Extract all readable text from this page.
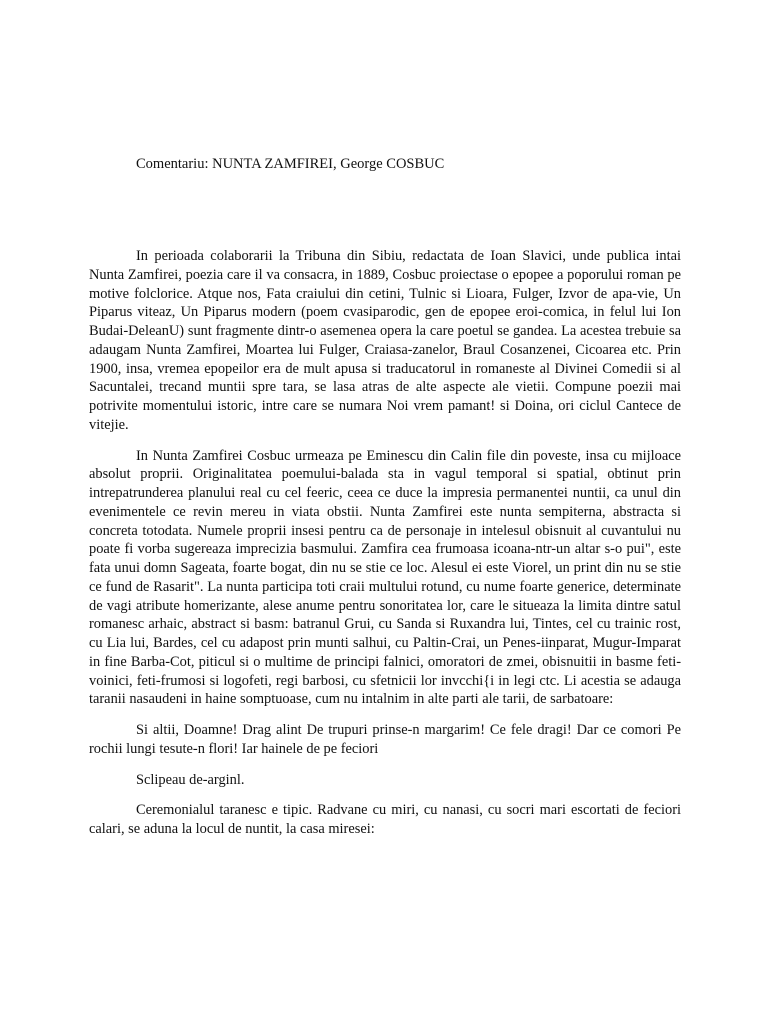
Comentariu: NUNTA ZAMFIREI, George COSBUC

In perioada colaborarii la Tribuna din Sibiu, redactata de Ioan Slavici, unde publica intai Nunta Zamfirei, poezia care il va consacra, in 1889, Cosbuc proiectase o epopee a poporului roman pe motive folclorice. Atque nos, Fata craiului din cetini, Tulnic si Lioara, Fulger, Izvor de apa-vie, Un Piparus viteaz, Un Piparus modern (poem cvasiparodic, gen de epopee eroi-comica, in felul lui Ion Budai-DeleanU) sunt fragmente dintr-o asemenea opera la care poetul se gandea. La acestea trebuie sa adaugam Nunta Zamfirei, Moartea lui Fulger, Craiasa-zanelor, Braul Cosanzenei, Cicoarea etc. Prin 1900, insa, vremea epopeilor era de mult apusa si traducatorul in romaneste al Divinei Comedii si al Sacuntalei, trecand muntii spre tara, se lasa atras de alte aspecte ale vietii. Compune poezii mai potrivite momentului istoric, intre care se numara Noi vrem pamant! si Doina, ori ciclul Cantece de vitejie.

In Nunta Zamfirei Cosbuc urmeaza pe Eminescu din Calin file din poveste, insa cu mijloace absolut proprii. Originalitatea poemului-balada sta in vagul temporal si spatial, obtinut prin intrepatrunderea planului real cu cel feeric, ceea ce duce la impresia permanentei nuntii, ca unul din evenimentele ce revin mereu in viata obstii. Nunta Zamfirei este nunta sempiterna, abstracta si concreta totodata. Numele proprii insesi pentru ca de personaje in intelesul obisnuit al cuvantului nu poate fi vorba sugereaza imprecizia basmului. Zamfira cea frumoasa icoana-ntr-un altar s-o pui", este fata unui domn Sageata, foarte bogat, din nu se stie ce loc. Alesul ei este Viorel, un print din nu se stie ce fund de Rasarit". La nunta participa toti craii multului rotund, cu nume foarte generice, determinate de vagi atribute homerizante, alese anume pentru sonoritatea lor, care le situeaza la limita dintre satul romanesc arhaic, abstract si basm: batranul Grui, cu Sanda si Ruxandra lui, Tintes, cel cu trainic rost, cu Lia lui, Bardes, cel cu adapost prin munti salhui, cu Paltin-Crai, un Penes-iinparat, Mugur-Imparat in fine Barba-Cot, piticul si o multime de principi falnici, omoratori de zmei, obisnuitii in basme feti-voinici, feti-frumosi si logofeti, regi barbosi, cu sfetnicii lor invcchi{i in legi ctc. Li acestia se adauga taranii nasaudeni in haine somptuoase, cum nu intalnim in alte parti ale tarii, de sarbatoare:

Si altii, Doamne! Drag alint De trupuri prinse-n margarim! Ce fele dragi! Dar ce comori Pe rochii lungi tesute-n flori! Iar hainele de pe feciori

Sclipeau de-arginl.

Ceremonialul taranesc e tipic. Radvane cu miri, cu nanasi, cu socri mari escortati de feciori calari, se aduna la locul de nuntit, la casa miresei:
